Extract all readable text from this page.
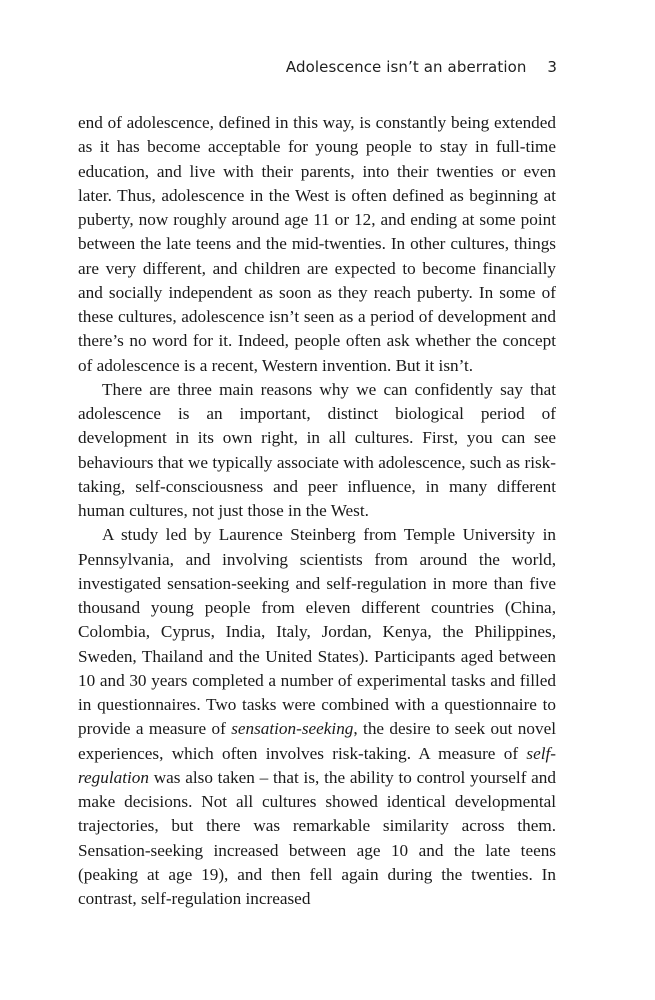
Adolescence isn’t an aberration 3

end of adolescence, defined in this way, is constantly being extended as it has become acceptable for young people to stay in full-time education, and live with their parents, into their twenties or even later. Thus, adolescence in the West is often defined as beginning at puberty, now roughly around age 11 or 12, and ending at some point between the late teens and the mid-twenties. In other cultures, things are very different, and children are expected to become financially and socially independent as soon as they reach puberty. In some of these cultures, adolescence isn’t seen as a period of development and there’s no word for it. Indeed, people often ask whether the concept of adolescence is a recent, Western invention. But it isn’t.

There are three main reasons why we can confidently say that adolescence is an important, distinct biological period of development in its own right, in all cultures. First, you can see behaviours that we typically associate with adolescence, such as risk-taking, self-consciousness and peer influence, in many different human cultures, not just those in the West.

A study led by Laurence Steinberg from Temple University in Pennsylvania, and involving scientists from around the world, investigated sensation-seeking and self-regulation in more than five thousand young people from eleven different countries (China, Colombia, Cyprus, India, Italy, Jordan, Kenya, the Philippines, Sweden, Thailand and the United States). Participants aged between 10 and 30 years completed a number of experimental tasks and filled in questionnaires. Two tasks were combined with a questionnaire to provide a measure of sensation-seeking, the desire to seek out novel experiences, which often involves risk-taking. A measure of self-regulation was also taken – that is, the ability to control yourself and make decisions. Not all cultures showed identical developmental trajectories, but there was remarkable similarity across them. Sensation-seeking increased between age 10 and the late teens (peaking at age 19), and then fell again during the twenties. In contrast, self-regulation increased
